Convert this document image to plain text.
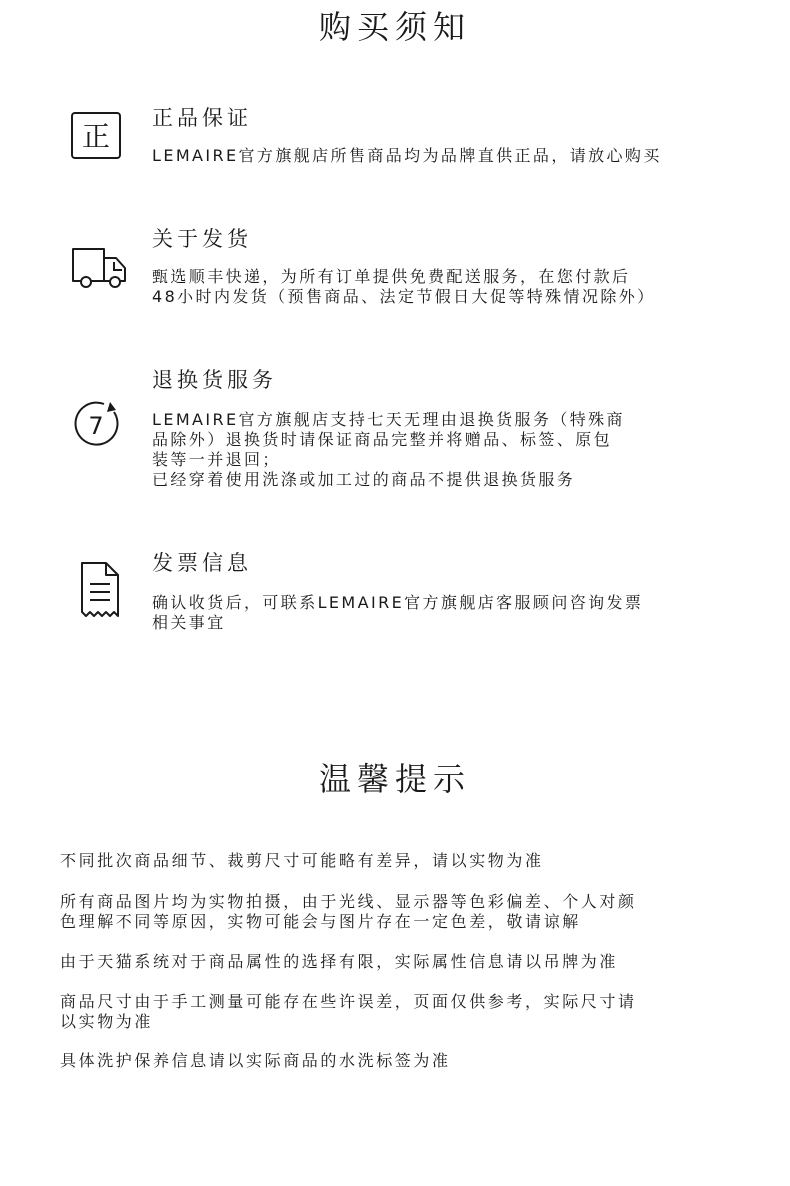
购买须知
正
正品保证

LEMAIRE官方旗舰店所售商品均为品牌直供正品，请放心购买

关于发货

甄选顺丰快递，为所有订单提供免费配送服务，在您付款后
48小时内发货（预售商品、法定节假日大促等特殊情况除外）

7
退换货服务

LEMAIRE官方旗舰店支持七天无理由退换货服务（特殊商
品除外）退换货时请保证商品完整并将赠品、标签、原包
装等一并退回；
已经穿着使用洗涤或加工过的商品不提供退换货服务

发票信息

确认收货后，可联系LEMAIRE官方旗舰店客服顾问咨询发票
相关事宜

温馨提示

不同批次商品细节、裁剪尺寸可能略有差异，请以实物为准

所有商品图片均为实物拍摄，由于光线、显示器等色彩偏差、个人对颜
色理解不同等原因，实物可能会与图片存在一定色差，敬请谅解

由于天猫系统对于商品属性的选择有限，实际属性信息请以吊牌为准

商品尺寸由于手工测量可能存在些许误差，页面仅供参考，实际尺寸请
以实物为准

具体洗护保养信息请以实际商品的水洗标签为准
